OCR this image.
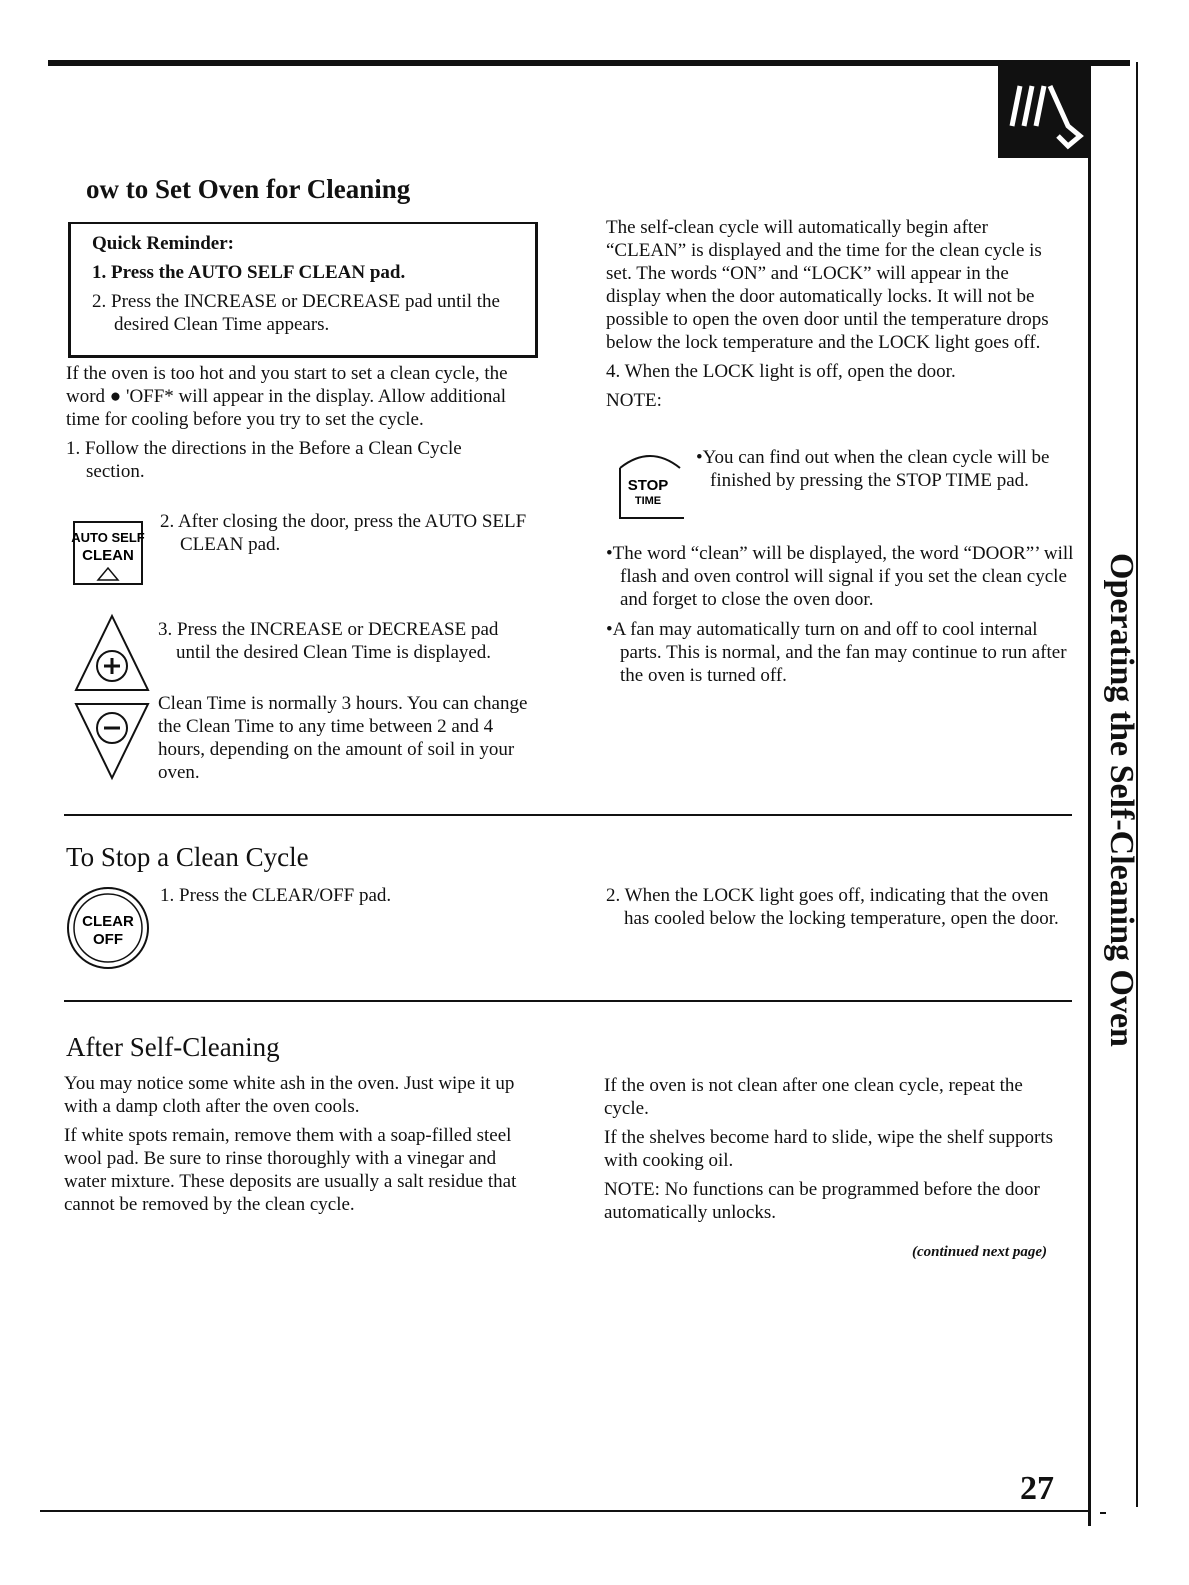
ow to Set Oven for Cleaning

Quick Reminder:

1. Press the AUTO SELF CLEAN pad.

2. Press the INCREASE or DECREASE pad until the desired Clean Time appears.

If the oven is too hot and you start to set a clean cycle, the word ● 'OFF* will appear in the display. Allow additional time for cooling before you try to set the cycle.

1. Follow the directions in the Before a Clean Cycle section.

AUTO SELF
CLEAN
2. After closing the door, press the AUTO SELF CLEAN pad.
3. Press the INCREASE or DECREASE pad until the desired Clean Time is displayed.
Clean Time is normally 3 hours. You can change the Clean Time to any time between 2 and 4 hours, depending on the amount of soil in your oven.

The self-clean cycle will automatically begin after “CLEAN” is displayed and the time for the clean cycle is set. The words “ON” and “LOCK” will appear in the display when the door automatically locks. It will not be possible to open the oven door until the temperature drops below the lock temperature and the LOCK light goes off.

4. When the LOCK light is off, open the door.

NOTE:

STOP
TIME
•You can find out when the clean cycle will be finished by pressing the STOP TIME pad.
•The word “clean” will be displayed, the word “DOOR”’ will flash and oven control will signal if you set the clean cycle and forget to close the oven door.
•A fan may automatically turn on and off to cool internal parts. This is normal, and the fan may continue to run after the oven is turned off.
To Stop a Clean Cycle
CLEAR
OFF
1. Press the CLEAR/OFF pad.	2. When the LOCK light goes off, indicating that the oven has cooled below the locking temperature, open the door.
After Self-Cleaning

You may notice some white ash in the oven. Just wipe it up with a damp cloth after the oven cools.

If white spots remain, remove them with a soap-filled steel wool pad. Be sure to rinse thoroughly with a vinegar and water mixture. These deposits are usually a salt residue that cannot be removed by the clean cycle.

If the oven is not clean after one clean cycle, repeat the cycle.

If the shelves become hard to slide, wipe the shelf supports with cooking oil.

NOTE: No functions can be programmed before the door automatically unlocks.

(continued next page)
Operating the Self-Cleaning Oven
27
